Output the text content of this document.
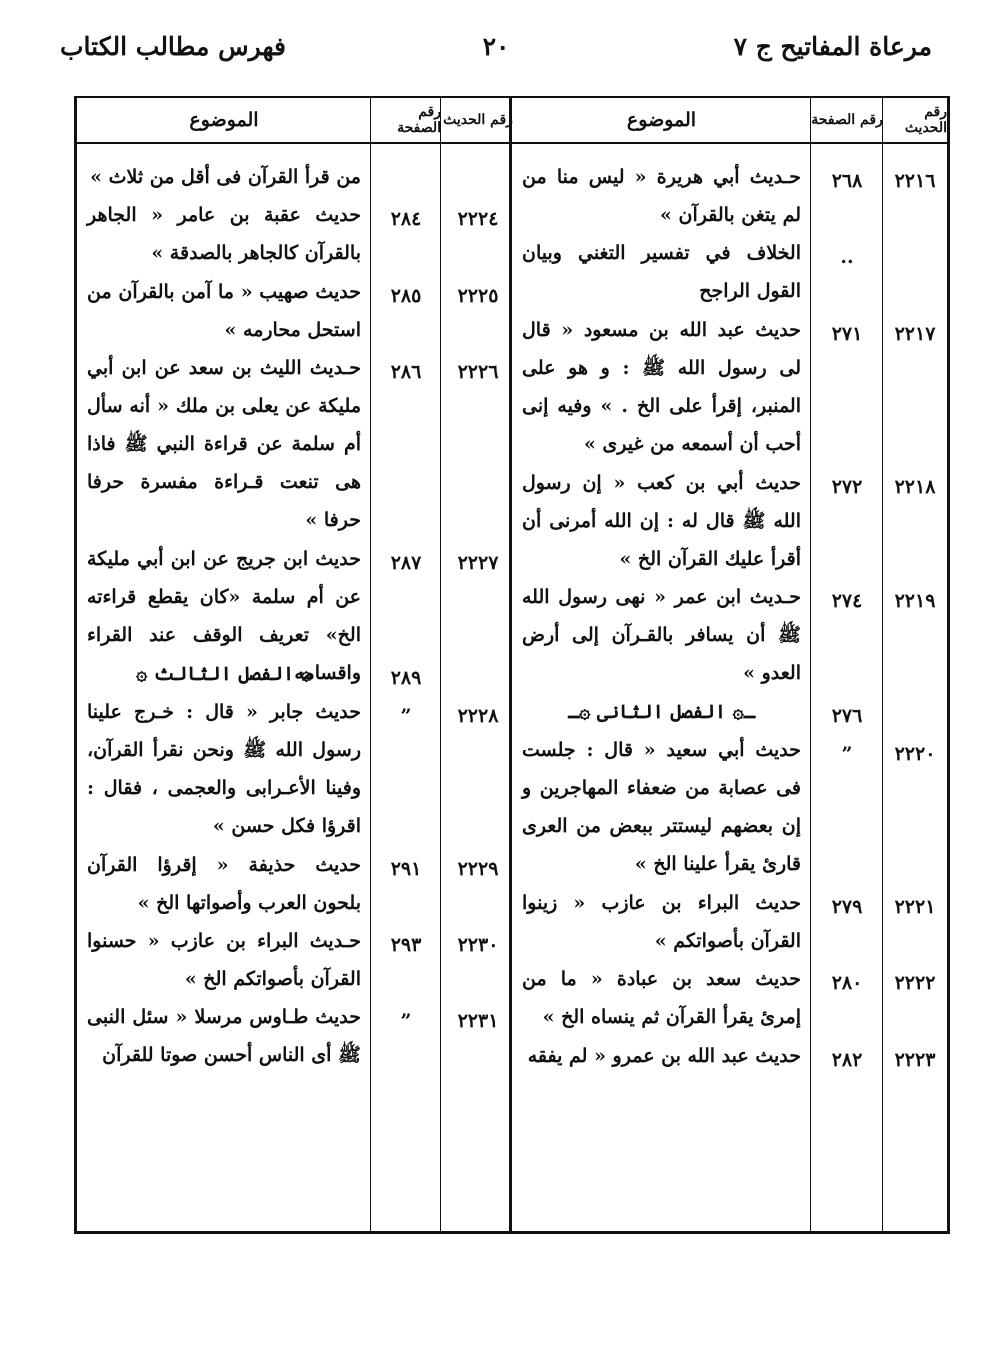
مرعاة المفاتيح ج ٧
٢٠
فهرس مطالب الكتاب
رقم الحديث
رقم الصفحة
الموضوع
٢٢١٦
٢٦٨
حـديث أبي هريرة « ليس منا من لم يتغن بالقرآن »
..
الخلاف في تفسير التغني وبيان القول الراجح
٢٢١٧
٢٧١
حديث عبد الله بن مسعود « قال لى رسول الله ﷺ : و هو على المنبر، إقرأ على الخ . » وفيه إنى أحب أن أسمعه من غيرى »
٢٢١٨
٢٧٢
حديث أبي بن كعب « إن رسول الله ﷺ قال له : إن الله أمرنى أن أقرأ عليك القرآن الخ »
٢٢١٩
٢٧٤
حـديث ابن عمر « نهى رسول الله ﷺ أن يسافر بالقـرآن إلى أرض العدو »
٢٧٦
ـ۞ الفصل الثانى ۞ـ
٢٢٢٠
”
حديث أبي سعيد « قال : جلست فى عصابة من ضعفاء المهاجرين و إن بعضهم ليستتر ببعض من العرى قارئ يقرأ علينا الخ »
٢٢٢١
٢٧٩
حديث البراء بن عازب « زينوا القرآن بأصواتكم »
٢٢٢٢
٢٨٠
حديث سعد بن عبادة « ما من إمرئ يقرأ القرآن ثم ينساه الخ »
٢٢٢٣
٢٨٢
حديث عبد الله بن عمرو « لم يفقه
رقم الحديث
رقم الصفحة
الموضوع
من قرأ القرآن فى أقل من ثلاث »
٢٢٢٤
٢٨٤
حديث عقبة بن عامر « الجاهر بالقرآن كالجاهر بالصدقة »
٢٢٢٥
٢٨٥
حديث صهيب « ما آمن بالقرآن من استحل محارمه »
٢٢٢٦
٢٨٦
حـديث الليث بن سعد عن ابن أبي مليكة عن يعلى بن ملك « أنه سأل أم سلمة عن قراءة النبي ﷺ فاذا هى تنعت قـراءة مفسرة حرفا حرفا »
٢٢٢٧
٢٨٧
حديث ابن جريج عن ابن أبي مليكة عن أم سلمة «كان يقطع قراءته الخ» تعريف الوقف عند القراء واقسامه	٢٨٩
۞ الفصل الثالث ۞
٢٢٢٨
”
حديث جابر « قال : خـرج علينا رسول الله ﷺ ونحن نقرأ القرآن، وفينا الأعـرابى والعجمى ، فقال : اقرؤا فكل حسن »
٢٢٢٩
٢٩١
حديث حذيفة « إقرؤا القرآن بلحون العرب وأصواتها الخ »
٢٢٣٠
٢٩٣
حـديث البراء بن عازب « حسنوا القرآن بأصواتكم الخ »
٢٢٣١
”
حديث طـاوس مرسلا « سئل النبى ﷺ أى الناس أحسن صوتا للقرآن
